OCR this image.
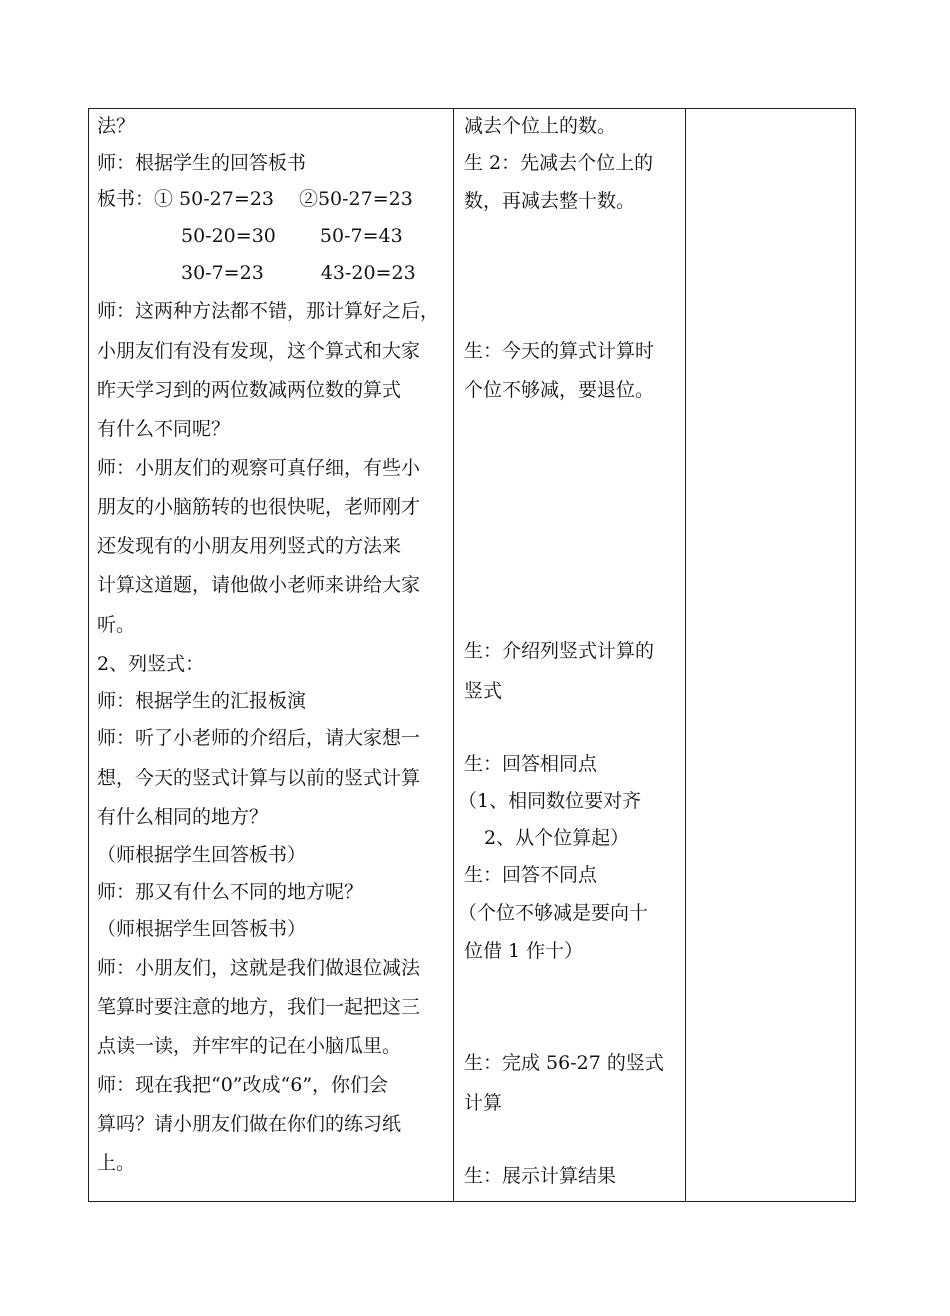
法？
师：根据学生的回答板书
板书：① 50-27=23　 ②50-27=23
50-20=30　　 50-7=43
30-7=23　　　43-20=23
师：这两种方法都不错，那计算好之后，
小朋友们有没有发现，这个算式和大家
昨天学习到的两位数减两位数的算式
有什么不同呢？
师：小朋友们的观察可真仔细，有些小
朋友的小脑筋转的也很快呢，老师刚才
还发现有的小朋友用列竖式的方法来
计算这道题，请他做小老师来讲给大家
听。
2、列竖式：
师：根据学生的汇报板演
师：听了小老师的介绍后，请大家想一
想，今天的竖式计算与以前的竖式计算
有什么相同的地方？
（师根据学生回答板书）
师：那又有什么不同的地方呢？
（师根据学生回答板书）
师：小朋友们，这就是我们做退位减法
笔算时要注意的地方，我们一起把这三
点读一读，并牢牢的记在小脑瓜里。
师：现在我把“0”改成“6”，你们会
算吗？请小朋友们做在你们的练习纸
上。
减去个位上的数。
生 2：先减去个位上的
数，再减去整十数。
生：今天的算式计算时
个位不够减，要退位。
生：介绍列竖式计算的
竖式
生：回答相同点
（1、相同数位要对齐
2、从个位算起）
生：回答不同点
（个位不够减是要向十
位借 1 作十）
生：完成 56-27 的竖式
计算
生：展示计算结果
